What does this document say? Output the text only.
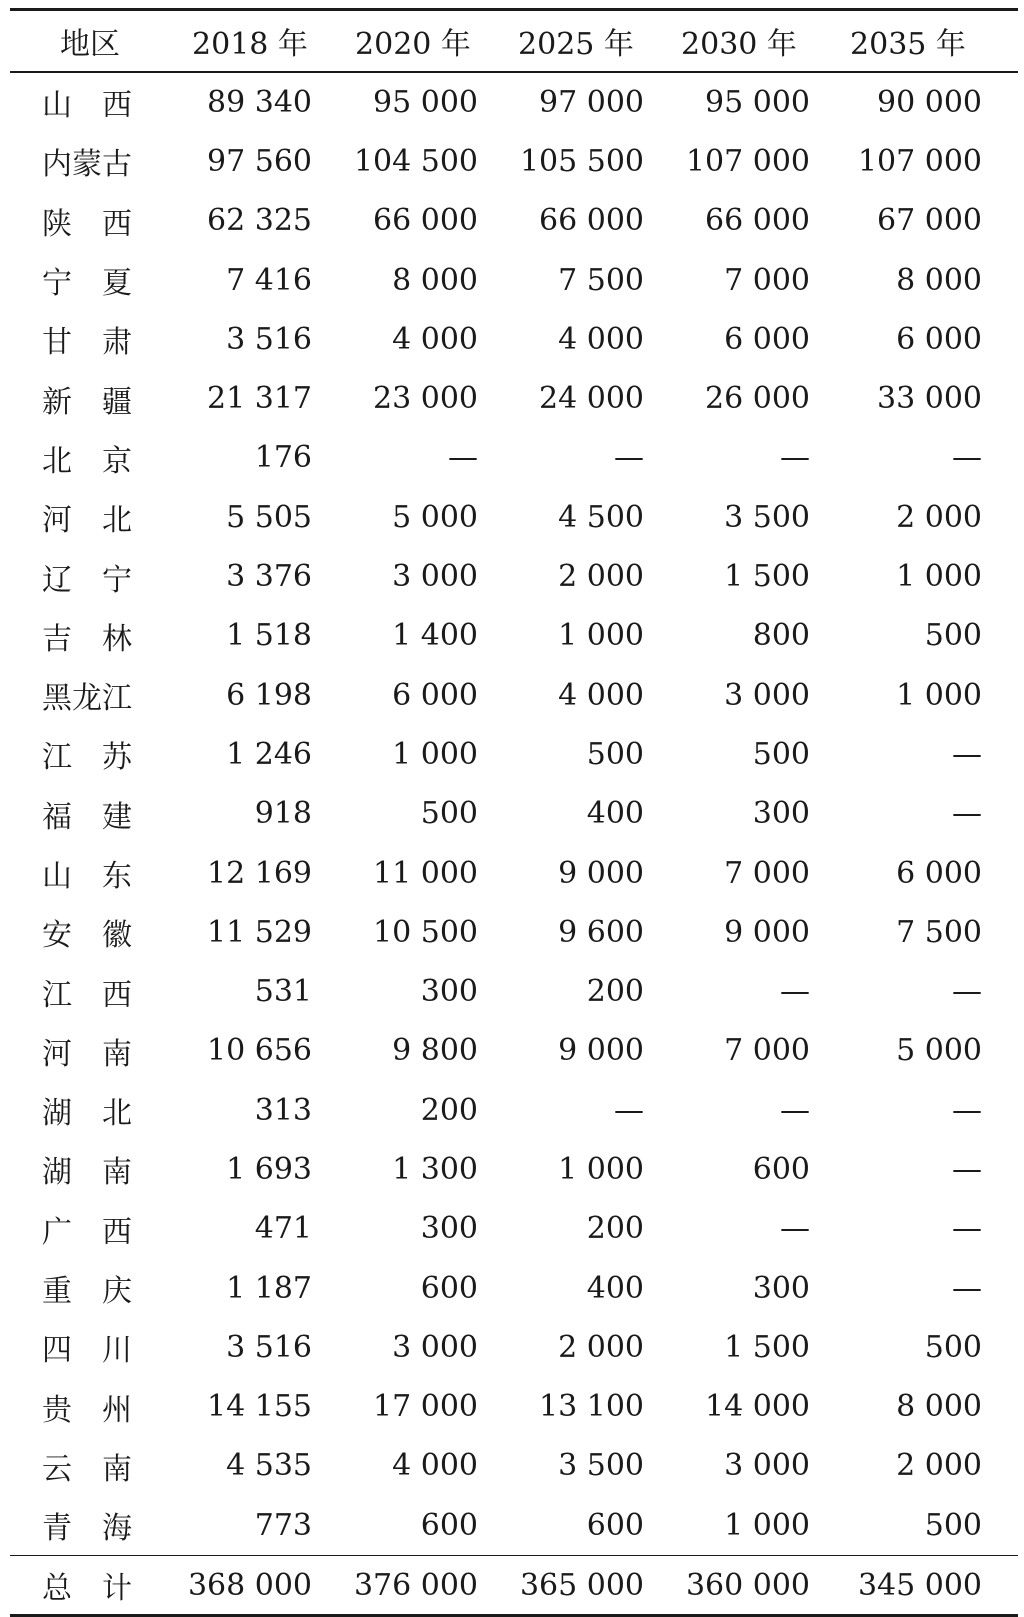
地区	2018 年	2020 年	2025 年	2030 年	2035 年
山　西	89 340	95 000	97 000	95 000	90 000
内蒙古	97 560	104 500	105 500	107 000	107 000
陕　西	62 325	66 000	66 000	66 000	67 000
宁　夏	7 416	8 000	7 500	7 000	8 000
甘　肃	3 516	4 000	4 000	6 000	6 000
新　疆	21 317	23 000	24 000	26 000	33 000
北　京	176	—	—	—	—
河　北	5 505	5 000	4 500	3 500	2 000
辽　宁	3 376	3 000	2 000	1 500	1 000
吉　林	1 518	1 400	1 000	800	500
黑龙江	6 198	6 000	4 000	3 000	1 000
江　苏	1 246	1 000	500	500	—
福　建	918	500	400	300	—
山　东	12 169	11 000	9 000	7 000	6 000
安　徽	11 529	10 500	9 600	9 000	7 500
江　西	531	300	200	—	—
河　南	10 656	9 800	9 000	7 000	5 000
湖　北	313	200	—	—	—
湖　南	1 693	1 300	1 000	600	—
广　西	471	300	200	—	—
重　庆	1 187	600	400	300	—
四　川	3 516	3 000	2 000	1 500	500
贵　州	14 155	17 000	13 100	14 000	8 000
云　南	4 535	4 000	3 500	3 000	2 000
青　海	773	600	600	1 000	500
总　计	368 000	376 000	365 000	360 000	345 000
